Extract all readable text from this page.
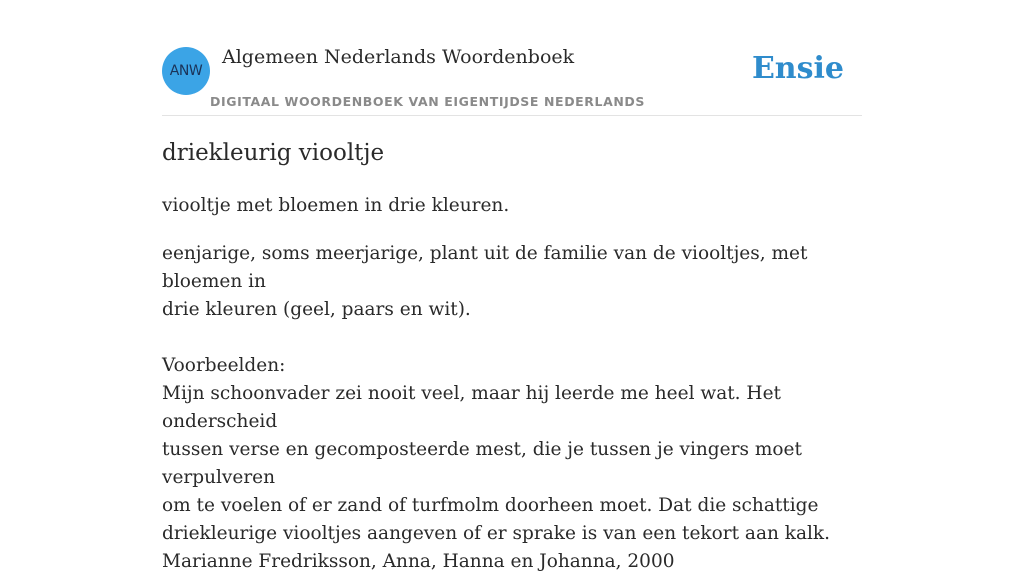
ANW
Algemeen Nederlands Woordenboek
DIGITAAL WOORDENBOEK VAN EIGENTIJDSE NEDERLANDS
Ensie
driekleurig viooltje
viooltje met bloemen in drie kleuren.

eenjarige, soms meerjarige, plant uit de familie van de viooltjes, met bloemen in

drie kleuren (geel, paars en wit).

Voorbeelden:

Mijn schoonvader zei nooit veel, maar hij leerde me heel wat. Het onderscheid

tussen verse en gecomposteerde mest, die je tussen je vingers moet verpulveren

om te voelen of er zand of turfmolm doorheen moet. Dat die schattige

driekleurige viooltjes aangeven of er sprake is van een tekort aan kalk.

Marianne Fredriksson, Anna, Hanna en Johanna, 2000
